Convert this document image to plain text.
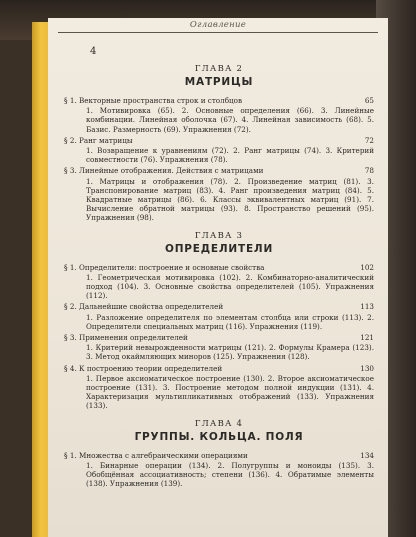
Оглавление
4
ГЛАВА 2
МАТРИЦЫ
§ 1. Векторные пространства строк и столбцов	65
1. Мотивировка (65). 2. Основные определения (66). 3. Линейные комбинации. Линейная оболочка (67). 4. Линейная зависимость (68). 5. Базис. Размерность (69). Упражнения (72).
§ 2. Ранг матрицы	72
1. Возвращение к уравнениям (72). 2. Ранг матрицы (74). 3. Критерий совместности (76). Упражнения (78).
§ 3. Линейные отображения. Действия с матрицами	78
1. Матрицы и отображения (78). 2. Произведение матриц (81). 3. Транспонирование матриц (83). 4. Ранг произведения матриц (84). 5. Квадратные матрицы (86). 6. Классы эквивалентных матриц (91). 7. Вычисление обратной матрицы (93). 8. Пространство решений (95). Упражнения (98).
ГЛАВА 3
ОПРЕДЕЛИТЕЛИ
§ 1. Определители: построение и основные свойства	102
1. Геометрическая мотивировка (102). 2. Комбинаторно-аналитический подход (104). 3. Основные свойства определителей (105). Упражнения (112).
§ 2. Дальнейшие свойства определителей	113
1. Разложение определителя по элементам столбца или строки (113). 2. Определители специальных матриц (116). Упражнения (119).
§ 3. Применения определителей	121
1. Критерий невырожденности матрицы (121). 2. Формулы Крамера (123). 3. Метод окаймляющих миноров (125). Упражнения (128).
§ 4. К построению теории определителей	130
1. Первое аксиоматическое построение (130). 2. Второе аксиоматическое построение (131). 3. Построение методом полной индукции (131). 4. Характеризация мультипликативных отображений (133). Упражнения (133).
ГЛАВА 4
ГРУППЫ. КОЛЬЦА. ПОЛЯ
§ 1. Множества с алгебраическими операциями	134
1. Бинарные операции (134). 2. Полугруппы и моноиды (135). 3. Обобщённая ассоциативность; степени (136). 4. Обратимые элементы (138). Упражнения (139).
